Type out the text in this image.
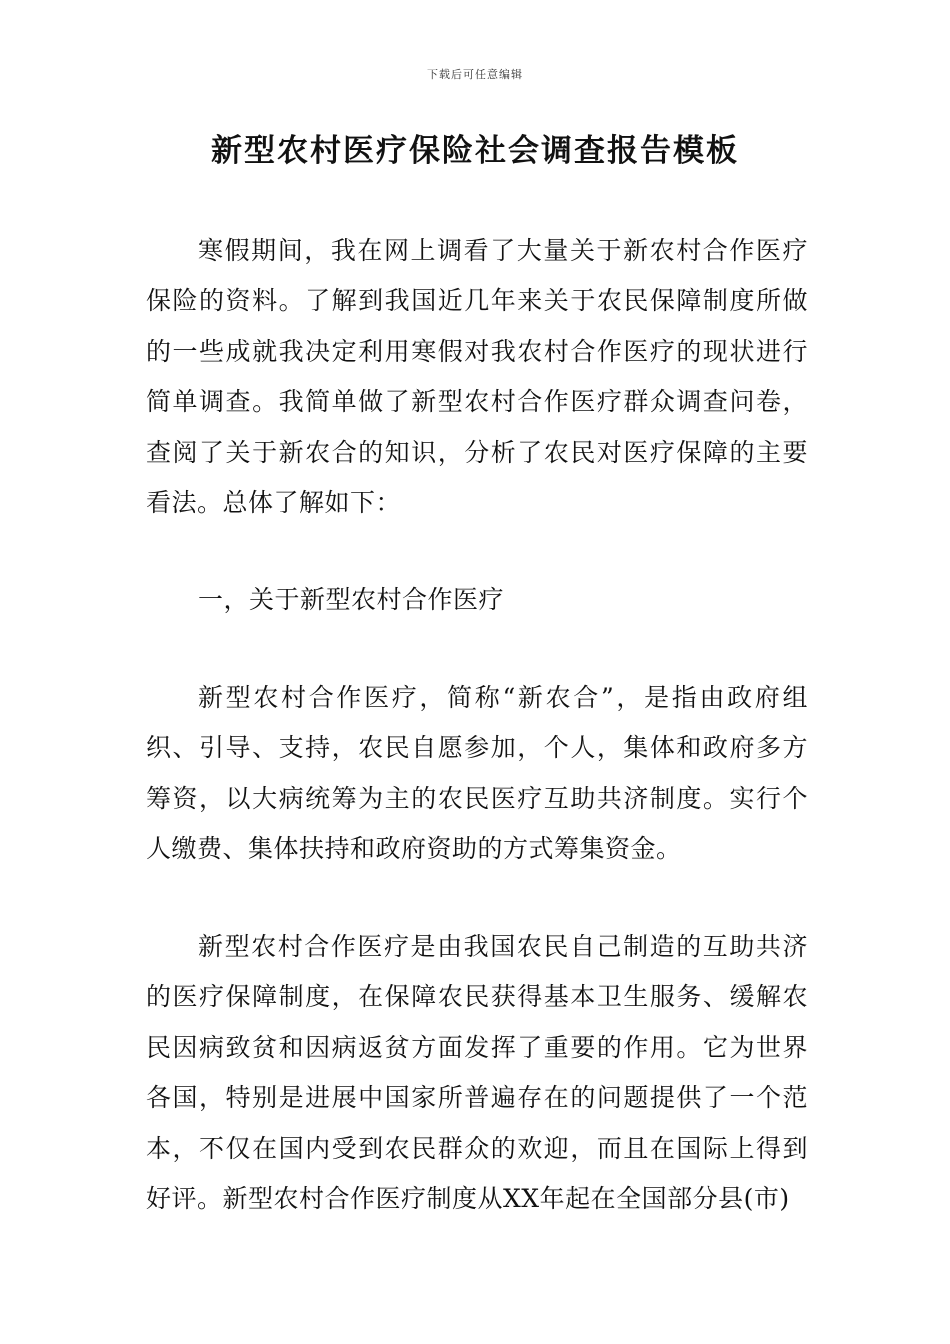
下载后可任意编辑
新型农村医疗保险社会调查报告模板

寒假期间，我在网上调看了大量关于新农村合作医疗保险的资料。了解到我国近几年来关于农民保障制度所做的一些成就我决定利用寒假对我农村合作医疗的现状进行简单调查。我简单做了新型农村合作医疗群众调查问卷，查阅了关于新农合的知识，分析了农民对医疗保障的主要看法。总体了解如下：

一，关于新型农村合作医疗

新型农村合作医疗，简称“新农合”，是指由政府组织、引导、支持，农民自愿参加，个人，集体和政府多方筹资，以大病统筹为主的农民医疗互助共济制度。实行个人缴费、集体扶持和政府资助的方式筹集资金。

新型农村合作医疗是由我国农民自己制造的互助共济的医疗保障制度，在保障农民获得基本卫生服务、缓解农民因病致贫和因病返贫方面发挥了重要的作用。它为世界各国，特别是进展中国家所普遍存在的问题提供了一个范本，不仅在国内受到农民群众的欢迎，而且在国际上得到好评。新型农村合作医疗制度从XX年起在全国部分县(市)
